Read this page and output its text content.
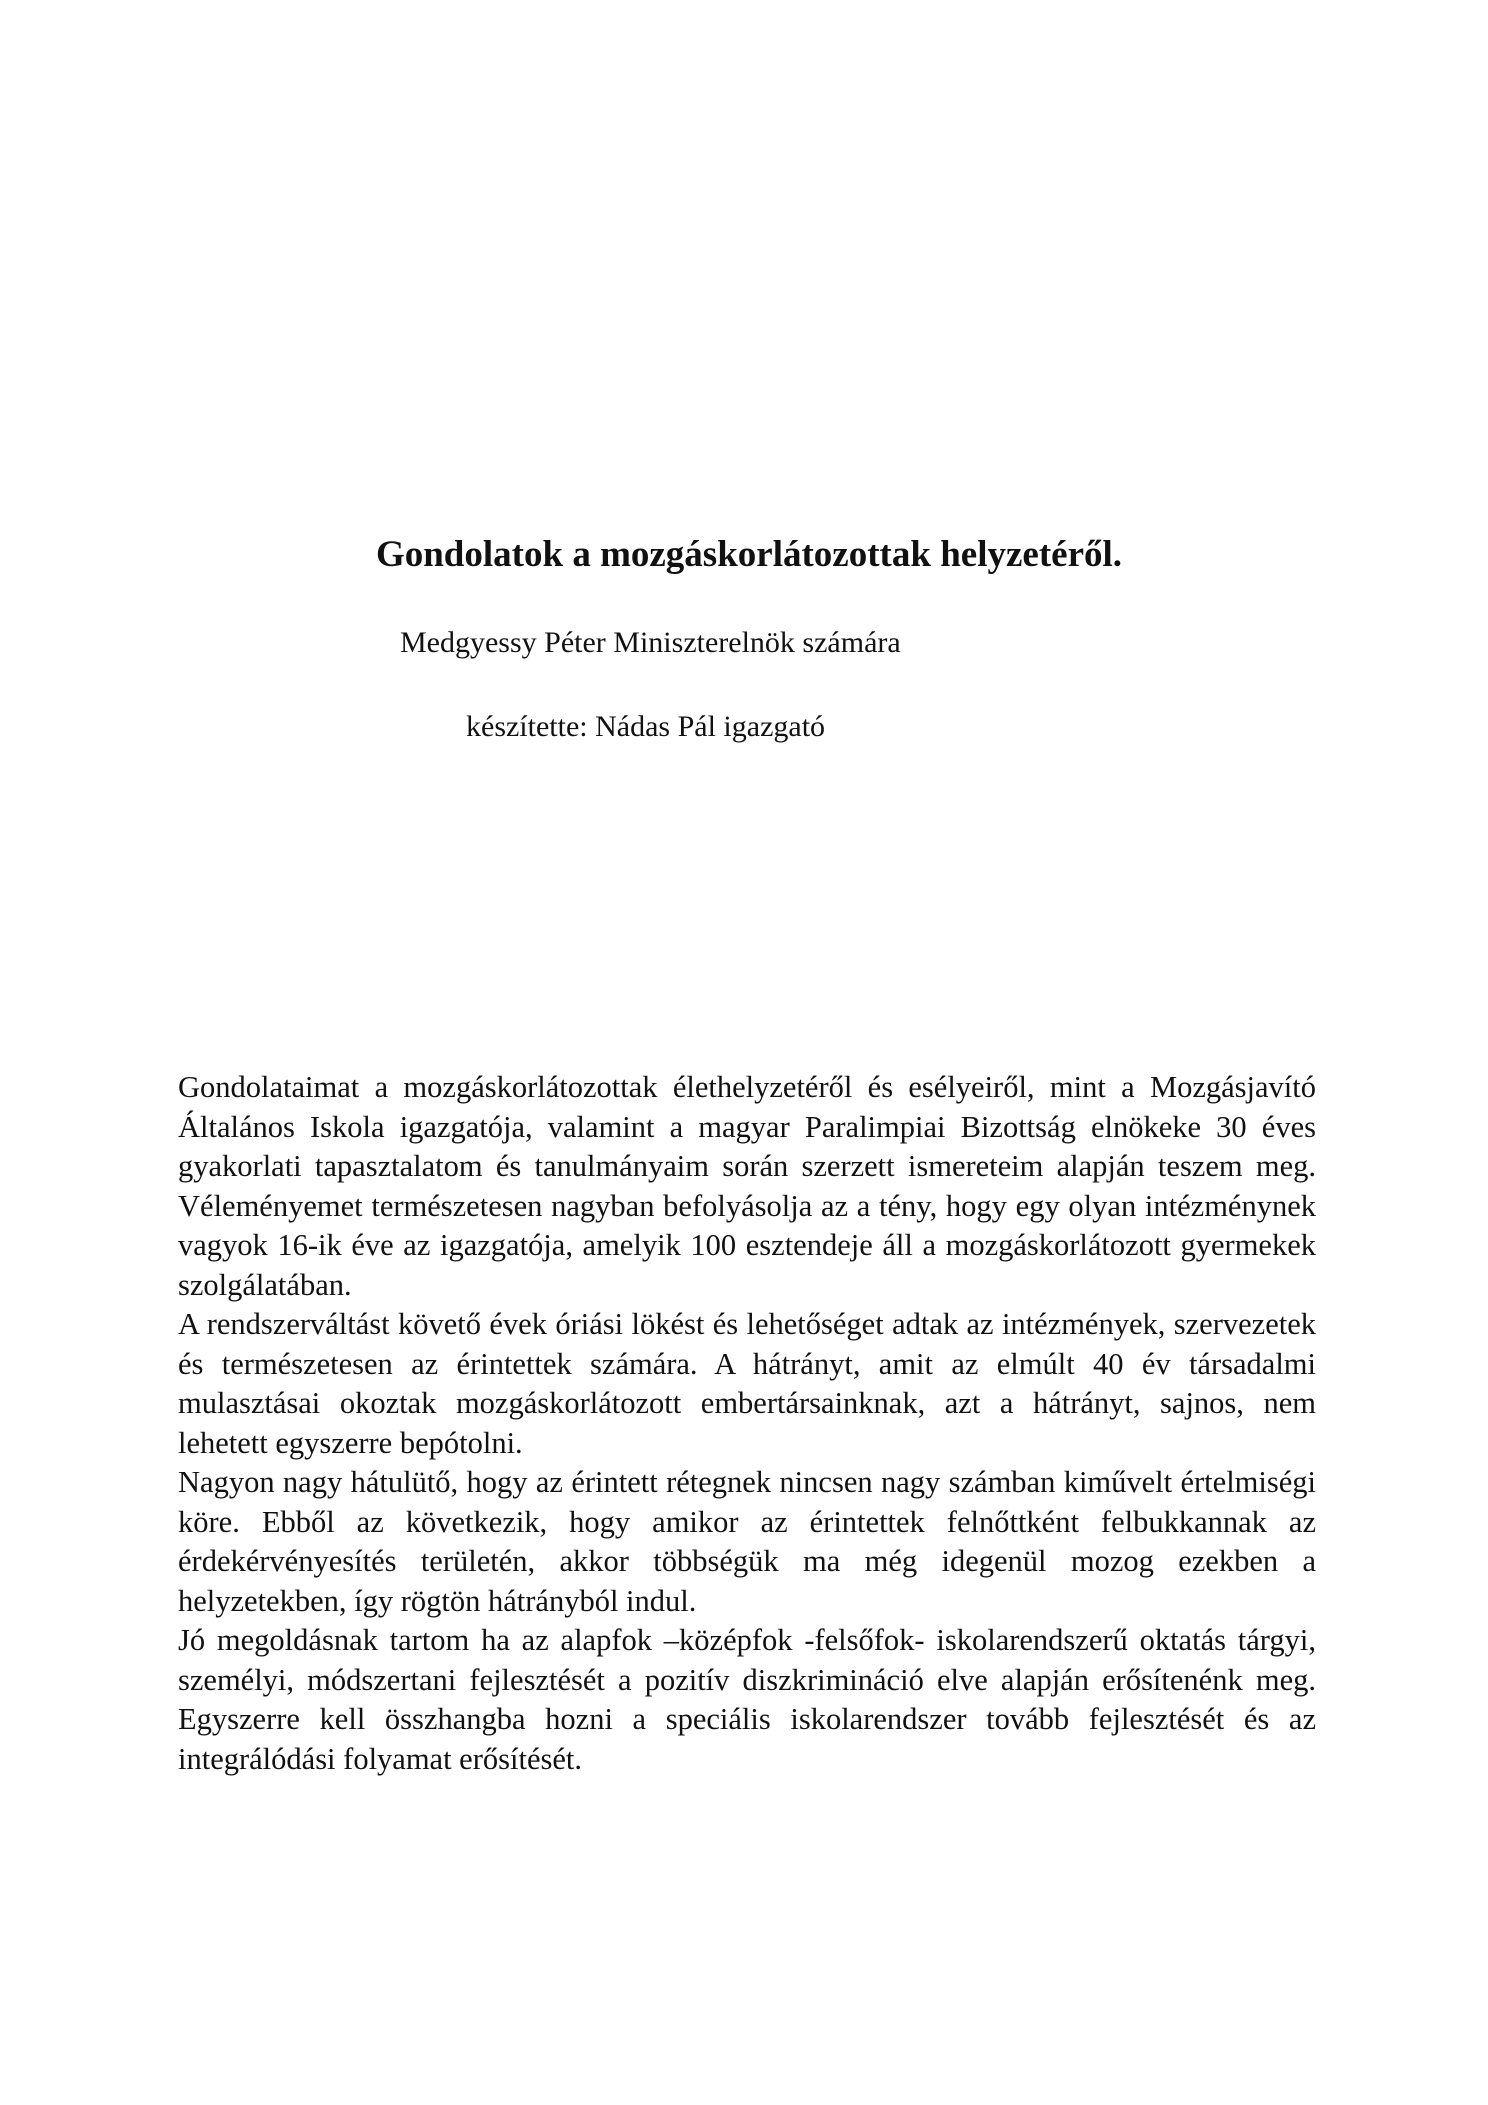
Gondolatok a mozgáskorlátozottak helyzetéről.

Medgyessy Péter Miniszterelnök számára

készítette: Nádas Pál igazgató

Gondolataimat a mozgáskorlátozottak élethelyzetéről és esélyeiről, mint a Mozgásjavító Általános Iskola igazgatója, valamint a magyar Paralimpiai Bizottság elnökeke 30 éves gyakorlati tapasztalatom és tanulmányaim során szerzett ismereteim alapján teszem meg. Véleményemet természetesen nagyban befolyásolja az a tény, hogy egy olyan intézménynek vagyok 16-ik éve az igazgatója, amelyik 100 esztendeje áll a mozgáskorlátozott gyermekek szolgálatában.

A rendszerváltást követő évek óriási lökést és lehetőséget adtak az intézmények, szervezetek és természetesen az érintettek számára. A hátrányt, amit az elmúlt 40 év társadalmi mulasztásai okoztak mozgáskorlátozott embertársainknak, azt a hátrányt, sajnos, nem lehetett egyszerre bepótolni.

Nagyon nagy hátulütő, hogy az érintett rétegnek nincsen nagy számban kiművelt értelmiségi köre. Ebből az következik, hogy amikor az érintettek felnőttként felbukkannak az érdekérvényesítés területén, akkor többségük ma még idegenül mozog ezekben a helyzetekben, így rögtön hátrányból indul.

Jó megoldásnak tartom ha az alapfok –középfok -felsőfok- iskolarendszerű oktatás tárgyi, személyi, módszertani fejlesztését a pozitív diszkrimináció elve alapján erősítenénk meg. Egyszerre kell összhangba hozni a speciális iskolarendszer tovább fejlesztését és az integrálódási folyamat erősítését.
